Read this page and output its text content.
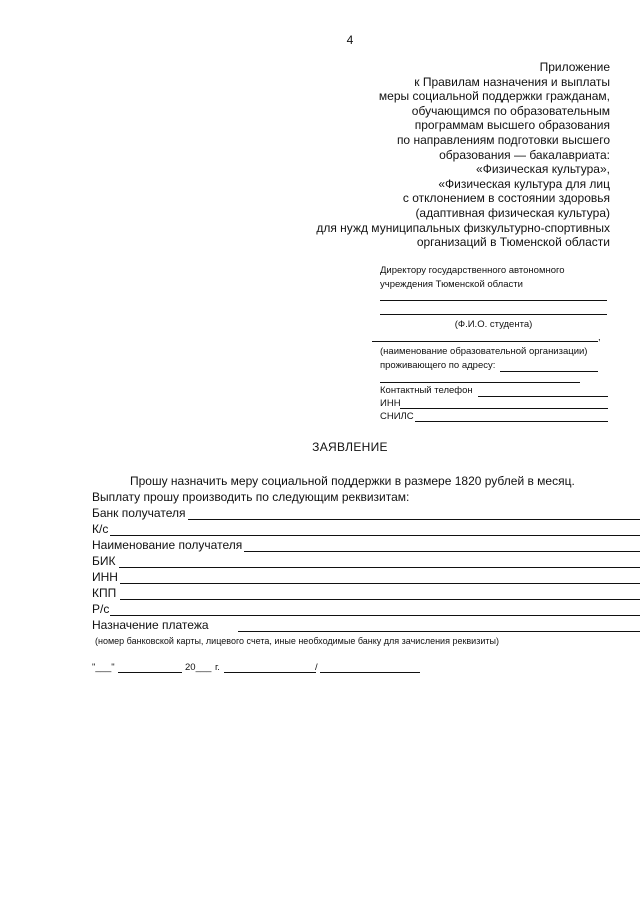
4
Приложение
к Правилам назначения и выплаты
меры социальной поддержки гражданам,
обучающимся по образовательным
программам высшего образования
по направлениям подготовки высшего
образования — бакалавриата:
«Физическая культура»,
«Физическая культура для лиц
с отклонением в состоянии здоровья
(адаптивная физическая культура)
для нужд муниципальных физкультурно-спортивных
организаций в Тюменской области
Директору государственного автономного
учреждения Тюменской области
(Ф.И.О. студента)
,
(наименование образовательной организации)
проживающего по адресу:
Контактный телефон
ИНН
СНИЛС
ЗАЯВЛЕНИЕ
Прошу назначить меру социальной поддержки в размере 1820 рублей в месяц.
Выплату прошу производить по следующим реквизитам:
Банк получателя
К/с
Наименование получателя
БИК
ИНН
КПП
Р/с
Назначение платежа
(номер банковской карты, лицевого счета, иные необходимые банку для зачисления реквизиты)
"___"	20___ г.	/
